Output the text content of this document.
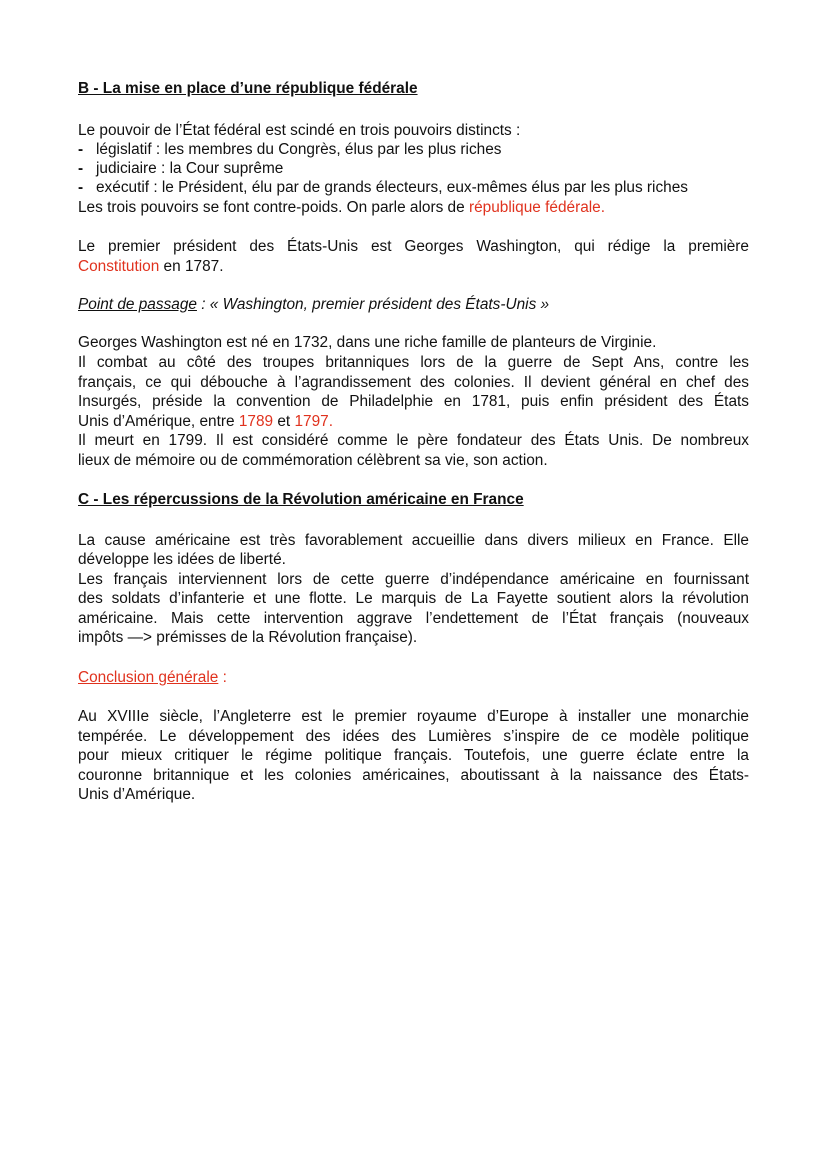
B - La mise en place d’une république fédérale
Le pouvoir de l’État fédéral est scindé en trois pouvoirs distincts :
- législatif : les membres du Congrès, élus par les plus riches
- judiciaire : la Cour suprême
- exécutif : le Président, élu par de grands électeurs, eux-mêmes élus par les plus riches
Les trois pouvoirs se font contre-poids. On parle alors de république fédérale.
Le premier président des États-Unis est Georges Washington, qui rédige la première
Constitution en 1787.
Point de passage : « Washington, premier président des États-Unis »
Georges Washington est né en 1732, dans une riche famille de planteurs de Virginie.
Il combat au côté des troupes britanniques lors de la guerre de Sept Ans, contre les
français, ce qui débouche à l’agrandissement des colonies. Il devient général en chef des
Insurgés, préside la convention de Philadelphie en 1781, puis enfin président des États
Unis d’Amérique, entre 1789 et 1797.
Il meurt en 1799. Il est considéré comme le père fondateur des États Unis. De nombreux
lieux de mémoire ou de commémoration célèbrent sa vie, son action.
C - Les répercussions de la Révolution américaine en France
La cause américaine est très favorablement accueillie dans divers milieux en France. Elle
développe les idées de liberté.
Les français interviennent lors de cette guerre d’indépendance américaine en fournissant
des soldats d’infanterie et une flotte. Le marquis de La Fayette soutient alors la révolution
américaine. Mais cette intervention aggrave l’endettement de l’État français (nouveaux
impôts —> prémisses de la Révolution française).
Conclusion générale :
Au XVIIIe siècle, l’Angleterre est le premier royaume d’Europe à installer une monarchie
tempérée. Le développement des idées des Lumières s’inspire de ce modèle politique
pour mieux critiquer le régime politique français. Toutefois, une guerre éclate entre la
couronne britannique et les colonies américaines, aboutissant à la naissance des États-
Unis d’Amérique.
